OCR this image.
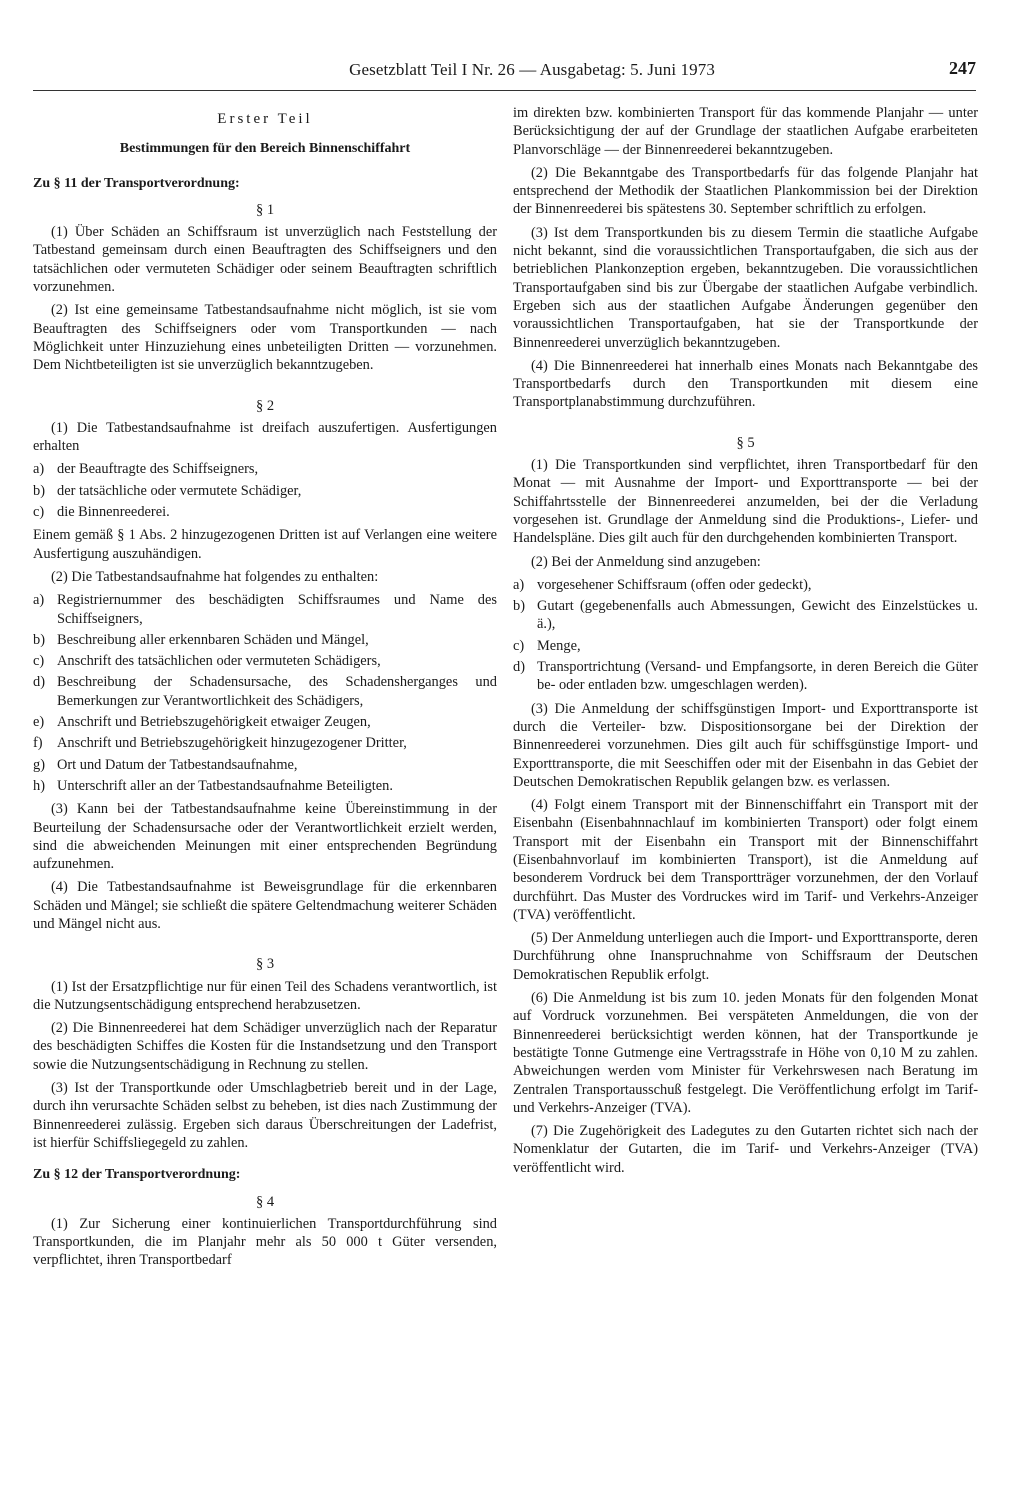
Gesetzblatt Teil I Nr. 26 — Ausgabetag: 5. Juni 1973	247
Erster Teil
Bestimmungen für den Bereich Binnenschiffahrt
Zu § 11 der Transportverordnung:
§ 1

(1) Über Schäden an Schiffsraum ist unverzüglich nach Feststellung der Tatbestand gemeinsam durch einen Beauftragten des Schiffseigners und den tatsächlichen oder vermuteten Schädiger oder seinem Beauftragten schriftlich vorzunehmen.

(2) Ist eine gemeinsame Tatbestandsaufnahme nicht möglich, ist sie vom Beauftragten des Schiffseigners oder vom Transportkunden — nach Möglichkeit unter Hinzuziehung eines unbeteiligten Dritten — vorzunehmen. Dem Nichtbeteiligten ist sie unverzüglich bekanntzugeben.

§ 2

(1) Die Tatbestandsaufnahme ist dreifach auszufertigen. Ausfertigungen erhalten

a) der Beauftragte des Schiffseigners,
b) der tatsächliche oder vermutete Schädiger,
c) die Binnenreederei.
Einem gemäß § 1 Abs. 2 hinzugezogenen Dritten ist auf Verlangen eine weitere Ausfertigung auszuhändigen.

(2) Die Tatbestandsaufnahme hat folgendes zu enthalten:

a) Registriernummer des beschädigten Schiffsraumes und Name des Schiffseigners,
b) Beschreibung aller erkennbaren Schäden und Mängel,
c) Anschrift des tatsächlichen oder vermuteten Schädigers,
d) Beschreibung der Schadensursache, des Schadensherganges und Bemerkungen zur Verantwortlichkeit des Schädigers,
e) Anschrift und Betriebszugehörigkeit etwaiger Zeugen,
f)	Anschrift und Betriebszugehörigkeit hinzugezogener Dritter,
g) Ort und Datum der Tatbestandsaufnahme,
h) Unterschrift aller an der Tatbestandsaufnahme Beteiligten.

(3) Kann bei der Tatbestandsaufnahme keine Übereinstimmung in der Beurteilung der Schadensursache oder der Verantwortlichkeit erzielt werden, sind die abweichenden Meinungen mit einer entsprechenden Begründung aufzunehmen.

(4) Die Tatbestandsaufnahme ist Beweisgrundlage für die erkennbaren Schäden und Mängel; sie schließt die spätere Geltendmachung weiterer Schäden und Mängel nicht aus.

§ 3

(1) Ist der Ersatzpflichtige nur für einen Teil des Schadens verantwortlich, ist die Nutzungsentschädigung entsprechend herabzusetzen.

(2) Die Binnenreederei hat dem Schädiger unverzüglich nach der Reparatur des beschädigten Schiffes die Kosten für die Instandsetzung und den Transport sowie die Nutzungsentschädigung in Rechnung zu stellen.

(3) Ist der Transportkunde oder Umschlagbetrieb bereit und in der Lage, durch ihn verursachte Schäden selbst zu beheben, ist dies nach Zustimmung der Binnenreederei zulässig. Ergeben sich daraus Überschreitungen der Ladefrist, ist hierfür Schiffsliegegeld zu zahlen.

Zu § 12 der Transportverordnung:
§ 4

(1) Zur Sicherung einer kontinuierlichen Transportdurchführung sind Transportkunden, die im Planjahr mehr als 50 000 t Güter versenden, verpflichtet, ihren Transportbedarf

im direkten bzw. kombinierten Transport für das kommende Planjahr — unter Berücksichtigung der auf der Grundlage der staatlichen Aufgabe erarbeiteten Planvorschläge — der Binnenreederei bekanntzugeben.

(2) Die Bekanntgabe des Transportbedarfs für das folgende Planjahr hat entsprechend der Methodik der Staatlichen Plankommission bei der Direktion der Binnenreederei bis spätestens 30. September schriftlich zu erfolgen.

(3) Ist dem Transportkunden bis zu diesem Termin die staatliche Aufgabe nicht bekannt, sind die voraussichtlichen Transportaufgaben, die sich aus der betrieblichen Plankonzeption ergeben, bekanntzugeben. Die voraussichtlichen Transportaufgaben sind bis zur Übergabe der staatlichen Aufgabe verbindlich. Ergeben sich aus der staatlichen Aufgabe Änderungen gegenüber den voraussichtlichen Transportaufgaben, hat sie der Transportkunde der Binnenreederei unverzüglich bekanntzugeben.

(4) Die Binnenreederei hat innerhalb eines Monats nach Bekanntgabe des Transportbedarfs durch den Transportkunden mit diesem eine Transportplanabstimmung durchzuführen.

§ 5

(1) Die Transportkunden sind verpflichtet, ihren Transportbedarf für den Monat — mit Ausnahme der Import- und Exporttransporte — bei der Schiffahrtsstelle der Binnenreederei anzumelden, bei der die Verladung vorgesehen ist. Grundlage der Anmeldung sind die Produktions-, Liefer- und Handelspläne. Dies gilt auch für den durchgehenden kombinierten Transport.

(2) Bei der Anmeldung sind anzugeben:

a) vorgesehener Schiffsraum (offen oder gedeckt),
b) Gutart (gegebenenfalls auch Abmessungen, Gewicht des Einzelstückes u. ä.),
c) Menge,
d) Transportrichtung (Versand- und Empfangsorte, in deren Bereich die Güter be- oder entladen bzw. umgeschlagen werden).

(3) Die Anmeldung der schiffsgünstigen Import- und Exporttransporte ist durch die Verteiler- bzw. Dispositionsorgane bei der Direktion der Binnenreederei vorzunehmen. Dies gilt auch für schiffsgünstige Import- und Exporttransporte, die mit Seeschiffen oder mit der Eisenbahn in das Gebiet der Deutschen Demokratischen Republik gelangen bzw. es verlassen.

(4) Folgt einem Transport mit der Binnenschiffahrt ein Transport mit der Eisenbahn (Eisenbahnnachlauf im kombinierten Transport) oder folgt einem Transport mit der Eisenbahn ein Transport mit der Binnenschiffahrt (Eisenbahnvorlauf im kombinierten Transport), ist die Anmeldung auf besonderem Vordruck bei dem Transportträger vorzunehmen, der den Vorlauf durchführt. Das Muster des Vordruckes wird im Tarif- und Verkehrs-Anzeiger (TVA) veröffentlicht.

(5) Der Anmeldung unterliegen auch die Import- und Exporttransporte, deren Durchführung ohne Inanspruchnahme von Schiffsraum der Deutschen Demokratischen Republik erfolgt.

(6) Die Anmeldung ist bis zum 10. jeden Monats für den folgenden Monat auf Vordruck vorzunehmen. Bei verspäteten Anmeldungen, die von der Binnenreederei berücksichtigt werden können, hat der Transportkunde je bestätigte Tonne Gutmenge eine Vertragsstrafe in Höhe von 0,10 M zu zahlen. Abweichungen werden vom Minister für Verkehrswesen nach Beratung im Zentralen Transportausschuß festgelegt. Die Veröffentlichung erfolgt im Tarif- und Verkehrs-Anzeiger (TVA).

(7) Die Zugehörigkeit des Ladegutes zu den Gutarten richtet sich nach der Nomenklatur der Gutarten, die im Tarif- und Verkehrs-Anzeiger (TVA) veröffentlicht wird.
